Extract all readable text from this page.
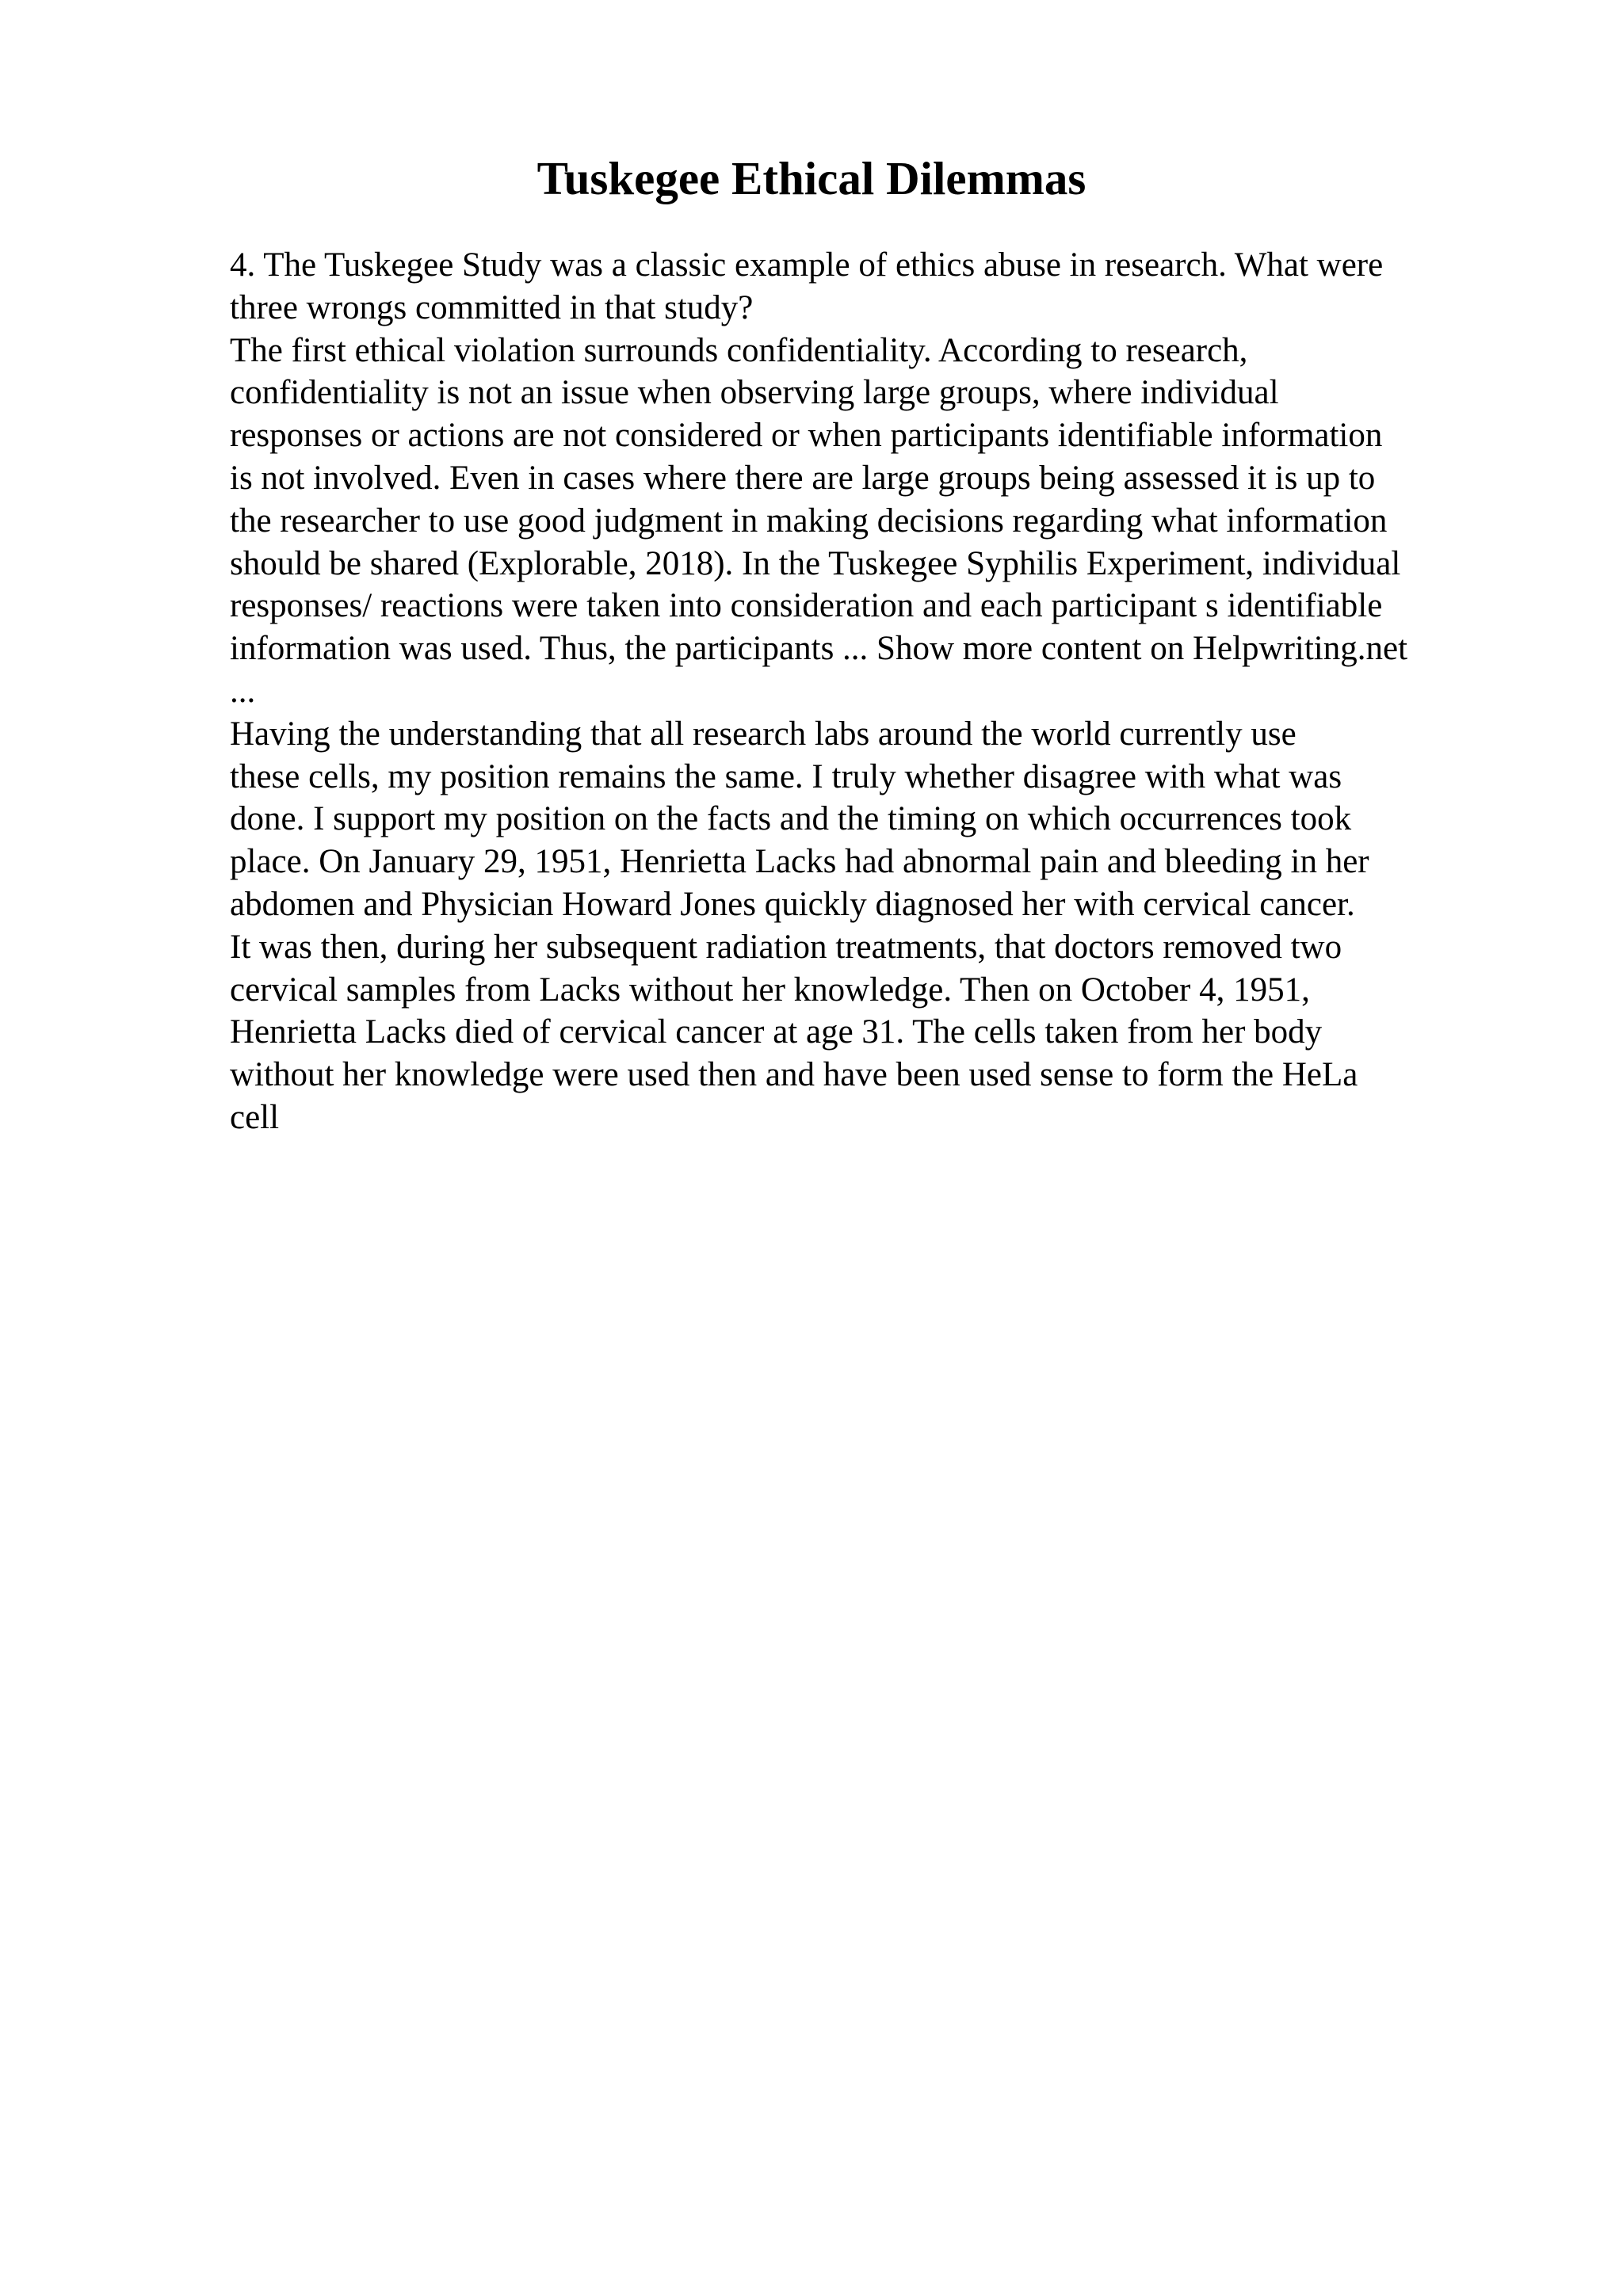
Tuskegee Ethical Dilemmas
4. The Tuskegee Study was a classic example of ethics abuse in research. What were
three wrongs committed in that study?
The first ethical violation surrounds confidentiality. According to research,
confidentiality is not an issue when observing large groups, where individual
responses or actions are not considered or when participants identifiable information
is not involved. Even in cases where there are large groups being assessed it is up to
the researcher to use good judgment in making decisions regarding what information
should be shared (Explorable, 2018). In the Tuskegee Syphilis Experiment, individual
responses/ reactions were taken into consideration and each participant s identifiable
information was used. Thus, the participants ... Show more content on Helpwriting.net
...
Having the understanding that all research labs around the world currently use
these cells, my position remains the same. I truly whether disagree with what was
done. I support my position on the facts and the timing on which occurrences took
place. On January 29, 1951, Henrietta Lacks had abnormal pain and bleeding in her
abdomen and Physician Howard Jones quickly diagnosed her with cervical cancer.
It was then, during her subsequent radiation treatments, that doctors removed two
cervical samples from Lacks without her knowledge. Then on October 4, 1951,
Henrietta Lacks died of cervical cancer at age 31. The cells taken from her body
without her knowledge were used then and have been used sense to form the HeLa
cell
